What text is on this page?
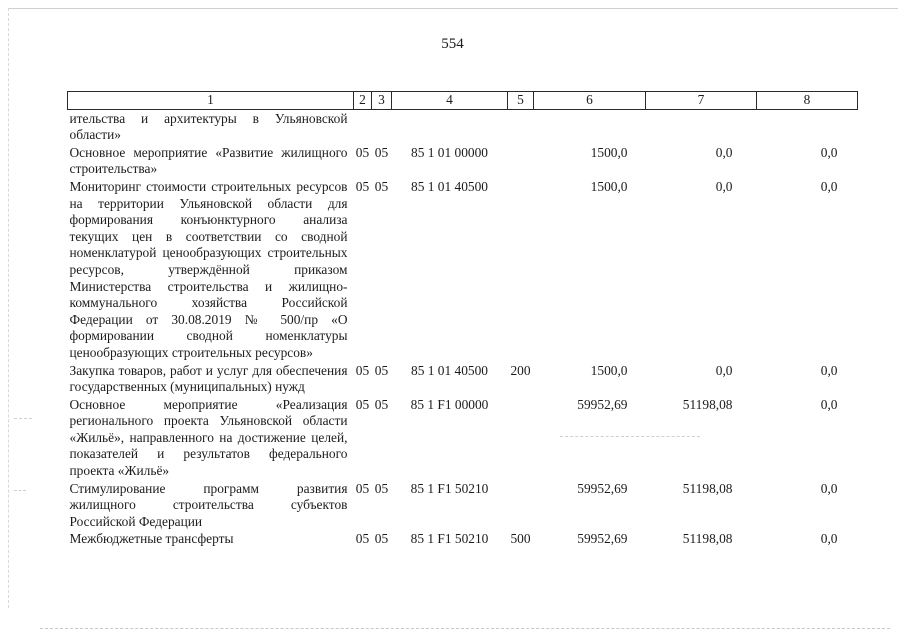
554
1	2	3	4	5	6	7	8
ительства и архитектуры в Ульяновской области»							
Основное мероприятие «Развитие жилищного строительства»	05	05	85 1 01 00000		1500,0	0,0	0,0
Мониторинг стоимости строительных ресурсов на территории Ульяновской области для формирования конъюнктурного анализа текущих цен в соответствии со сводной номенклатурой ценообразующих строительных ресурсов, утверждённой приказом Министерства строительства и жилищно-коммунального хозяйства Российской Федерации от 30.08.2019 № 500/пр «О формировании сводной номенклатуры ценообразующих строительных ресурсов»	05	05	85 1 01 40500		1500,0	0,0	0,0
Закупка товаров, работ и услуг для обеспечения государственных (муниципальных) нужд	05	05	85 1 01 40500	200	1500,0	0,0	0,0
Основное мероприятие «Реализация регионального проекта Ульяновской области «Жильё», направленного на достижение целей, показателей и результатов федерального проекта «Жильё»	05	05	85 1 F1 00000		59952,69	51198,08	0,0
Стимулирование программ развития жилищного строительства субъектов Российской Федерации	05	05	85 1 F1 50210		59952,69	51198,08	0,0
Межбюджетные трансферты	05	05	85 1 F1 50210	500	59952,69	51198,08	0,0
